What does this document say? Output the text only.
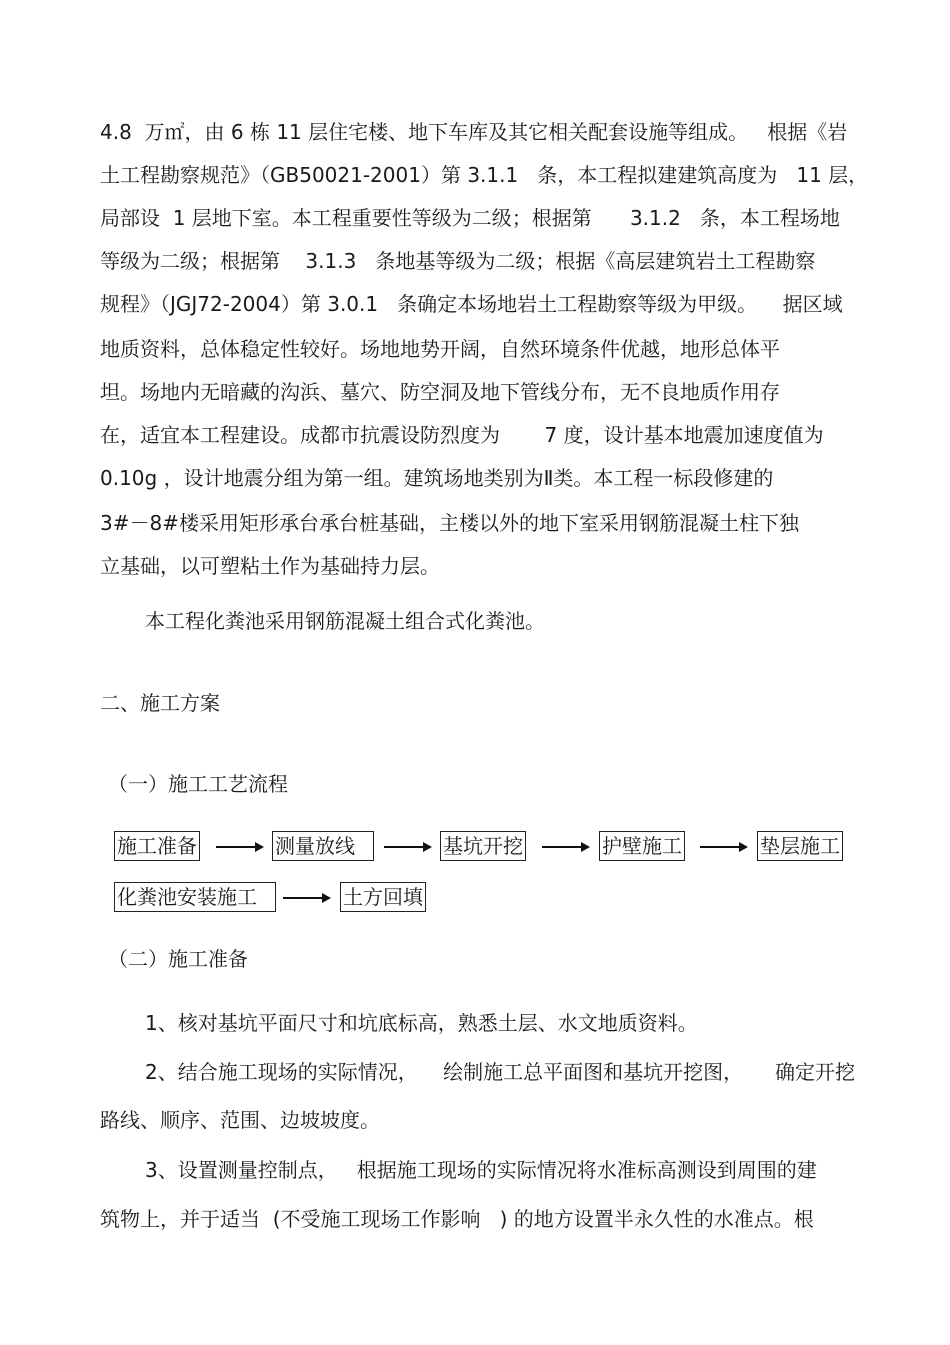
4.8  万㎡，由 6 栋 11 层住宅楼、地下车库及其它相关配套设施等组成。   根据《岩
土工程勘察规范》（GB50021-2001）第 3.1.1   条，本工程拟建建筑高度为   11 层，
局部设  1 层地下室。本工程重要性等级为二级；根据第      3.1.2   条，本工程场地
等级为二级；根据第    3.1.3   条地基等级为二级；根据《高层建筑岩土工程勘察
规程》（JGJ72-2004）第 3.0.1   条确定本场地岩土工程勘察等级为甲级。    据区域
地质资料，总体稳定性较好。场地地势开阔，自然环境条件优越，地形总体平
坦。场地内无暗藏的沟浜、墓穴、防空洞及地下管线分布，无不良地质作用存
在，适宜本工程建设。成都市抗震设防烈度为       7 度，设计基本地震加速度值为
0.10g ，设计地震分组为第一组。建筑场地类别为Ⅱ类。本工程一标段修建的
3#－8#楼采用矩形承台承台桩基础，主楼以外的地下室采用钢筋混凝土柱下独
立基础，以可塑粘土作为基础持力层。
本工程化粪池采用钢筋混凝土组合式化粪池。
二、施工方案
（一）施工工艺流程
施工准备	测量放线	基坑开挖	护壁施工	垫层施工
化粪池安装施工	土方回填
（二）施工准备
1、核对基坑平面尺寸和坑底标高，熟悉土层、水文地质资料。
2、结合施工现场的实际情况，    绘制施工总平面图和基坑开挖图，     确定开挖
路线、顺序、范围、边坡坡度。
3、设置测量控制点，   根据施工现场的实际情况将水准标高测设到周围的建
筑物上，并于适当  (不受施工现场工作影响   ) 的地方设置半永久性的水准点。根
